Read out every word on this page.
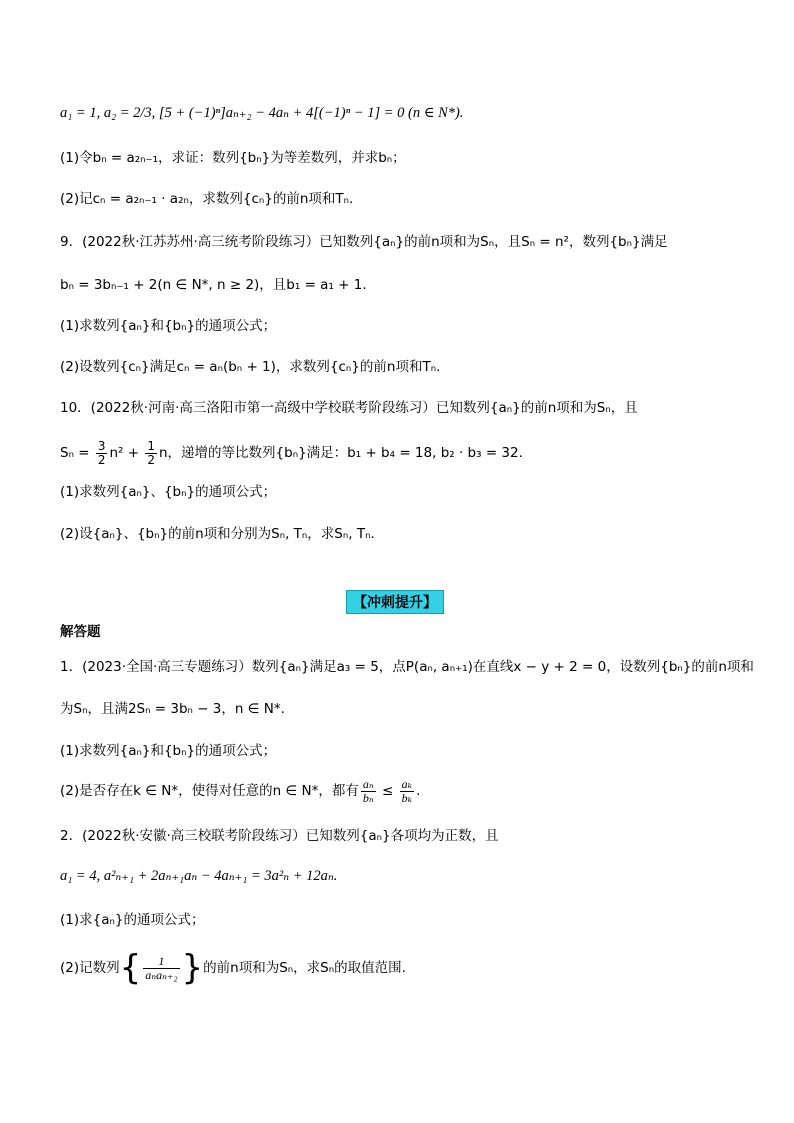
a₁ = 1, a₂ = 2/3, [5 + (−1)ⁿ]aₙ₊₂ − 4aₙ + 4[(−1)ⁿ − 1] = 0 (n ∈ N*).
(1)令bₙ = a₂ₙ₋₁，求证：数列{bₙ}为等差数列，并求bₙ；
(2)记cₙ = a₂ₙ₋₁ · a₂ₙ，求数列{cₙ}的前n项和Tₙ.
9．(2022秋·江苏苏州·高三统考阶段练习）已知数列{aₙ}的前n项和为Sₙ，且Sₙ = n²，数列{bₙ}满足
bₙ = 3bₙ₋₁ + 2(n ∈ N*, n ≥ 2)，且b₁ = a₁ + 1.
(1)求数列{aₙ}和{bₙ}的通项公式；
(2)设数列{cₙ}满足cₙ = aₙ(bₙ + 1)，求数列{cₙ}的前n项和Tₙ.
10．(2022秋·河南·高三洛阳市第一高级中学校联考阶段练习）已知数列{aₙ}的前n项和为Sₙ，且
$S_n = \frac{3}{2} n^2 + \frac{1}{2}$ n，递增的等比数列{bₙ}满足：b₁ + b₄ = 18, b₂ · b₃ = 32.
(1)求数列{aₙ}、{bₙ}的通项公式；
(2)设{aₙ}、{bₙ}的前n项和分别为Sₙ, Tₙ，求Sₙ, Tₙ.
【冲刺提升】
解答题
1．(2023·全国·高三专题练习）数列{aₙ}满足a₃ = 5，点P(aₙ, aₙ₊₁)在直线x − y + 2 = 0，设数列{bₙ}的前n项和
为Sₙ，且满2Sₙ = 3bₙ − 3，n ∈ N*.
(1)求数列{aₙ}和{bₙ}的通项公式；
(2)是否存在k ∈ N*，使得对任意的n ∈ N*，都有 $\frac{\text{aₙ}}{\text{bₙ}} \le \frac{\text{aₖ}}{\text{bₖ}}$ .
2．(2022秋·安徽·高三校联考阶段练习）已知数列{aₙ}各项均为正数，且
a₁ = 4, a²ₙ₊₁ + 2aₙ₊₁aₙ − 4aₙ₊₁ = 3a²ₙ + 12aₙ.
(1)求{aₙ}的通项公式；
(2)记数列{ $\frac{1}{\text{aₙaₙ₊₂}}$ }的前n项和为Sₙ，求Sₙ的取值范围.
